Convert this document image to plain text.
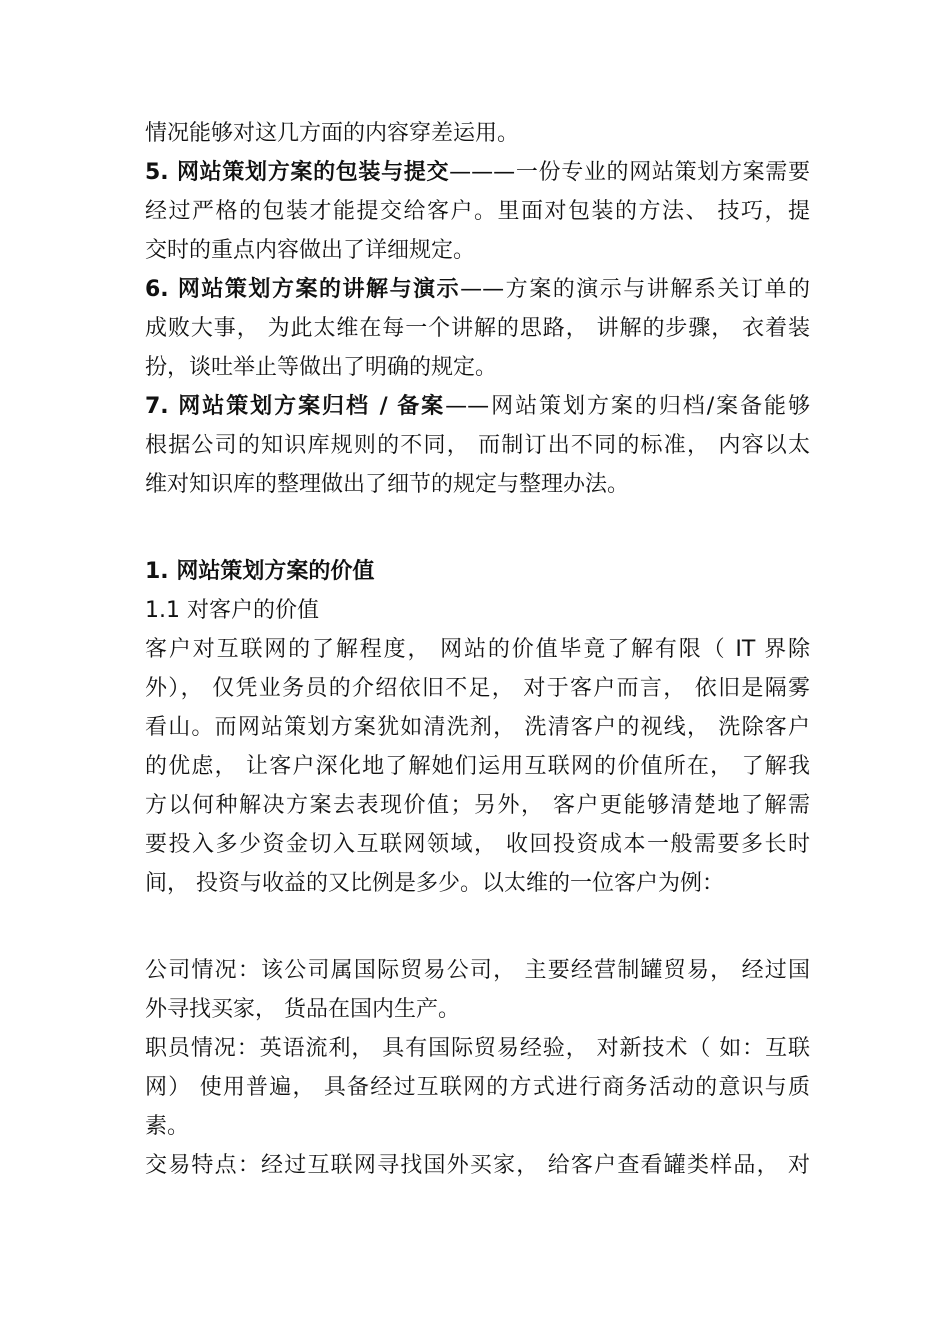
情况能够对这几方面的内容穿差运用。
5. 网站策划方案的包装与提交———一份专业的网站策划方案需要
经过严格的包装才能提交给客户。里面对包装的方法、 技巧，提
交时的重点内容做出了详细规定。
6. 网站策划方案的讲解与演示——方案的演示与讲解系关订单的
成败大事， 为此太维在每一个讲解的思路， 讲解的步骤， 衣着装
扮，谈吐举止等做出了明确的规定。
7. 网站策划方案归档 / 备案——网站策划方案的归档/案备能够
根据公司的知识库规则的不同， 而制订出不同的标准， 内容以太
维对知识库的整理做出了细节的规定与整理办法。
1. 网站策划方案的价值
1.1 对客户的价值
客户对互联网的了解程度， 网站的价值毕竟了解有限（ IT 界除
外）， 仅凭业务员的介绍依旧不足， 对于客户而言， 依旧是隔雾
看山。而网站策划方案犹如清洗剂， 洗清客户的视线， 洗除客户
的优虑， 让客户深化地了解她们运用互联网的价值所在， 了解我
方以何种解决方案去表现价值；另外， 客户更能够清楚地了解需
要投入多少资金切入互联网领域， 收回投资成本一般需要多长时
间， 投资与收益的又比例是多少。以太维的一位客户为例：
公司情况：该公司属国际贸易公司， 主要经营制罐贸易， 经过国
外寻找买家， 货品在国内生产。
职员情况：英语流利， 具有国际贸易经验， 对新技术（ 如：互联
网） 使用普遍， 具备经过互联网的方式进行商务活动的意识与质
素。
交易特点：经过互联网寻找国外买家， 给客户查看罐类样品， 对
